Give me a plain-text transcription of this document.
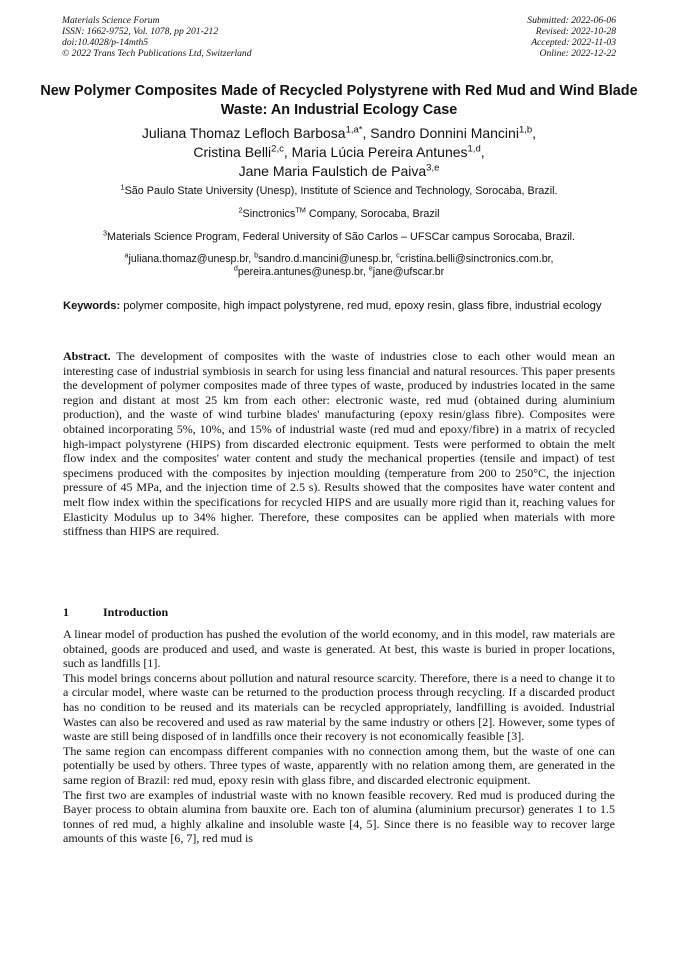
Materials Science Forum
ISSN: 1662-9752, Vol. 1078, pp 201-212
doi:10.4028/p-14mth5
© 2022 Trans Tech Publications Ltd, Switzerland
Submitted: 2022-06-06
Revised: 2022-10-28
Accepted: 2022-11-03
Online: 2022-12-22
New Polymer Composites Made of Recycled Polystyrene with Red Mud and Wind Blade Waste: An Industrial Ecology Case
Juliana Thomaz Lefloch Barbosa$^{1,a*}$, Sandro Donnini Mancini$^{1,b}$,
Cristina Belli$^{2,c}$, Maria Lúcia Pereira Antunes$^{1,d}$,
Jane Maria Faulstich de Paiva$^{3,e}$
$^1$São Paulo State University (Unesp), Institute of Science and Technology, Sorocaba, Brazil.
$^2$Sinctronics™ Company, Sorocaba, Brazil
$^3$Materials Science Program, Federal University of São Carlos – UFSCar campus Sorocaba, Brazil.
$^a$juliana.thomaz@unesp.br, $^b$sandro.d.mancini@unesp.br, $^c$cristina.belli@sinctronics.com.br,
$^d$pereira.antunes@unesp.br, $^e$jane@ufscar.br
Keywords: polymer composite, high impact polystyrene, red mud, epoxy resin, glass fibre, industrial ecology
Abstract. The development of composites with the waste of industries close to each other would mean an interesting case of industrial symbiosis in search for using less financial and natural resources. This paper presents the development of polymer composites made of three types of waste, produced by industries located in the same region and distant at most 25 km from each other: electronic waste, red mud (obtained during aluminium production), and the waste of wind turbine blades' manufacturing (epoxy resin/glass fibre). Composites were obtained incorporating 5%, 10%, and 15% of industrial waste (red mud and epoxy/fibre) in a matrix of recycled high-impact polystyrene (HIPS) from discarded electronic equipment. Tests were performed to obtain the melt flow index and the composites' water content and study the mechanical properties (tensile and impact) of test specimens produced with the composites by injection moulding (temperature from 200 to 250°C, the injection pressure of 45 MPa, and the injection time of 2.5 s). Results showed that the composites have water content and melt flow index within the specifications for recycled HIPS and are usually more rigid than it, reaching values for Elasticity Modulus up to 34% higher. Therefore, these composites can be applied when materials with more stiffness than HIPS are required.
1	Introduction

A linear model of production has pushed the evolution of the world economy, and in this model, raw materials are obtained, goods are produced and used, and waste is generated. At best, this waste is buried in proper locations, such as landfills [1].

This model brings concerns about pollution and natural resource scarcity. Therefore, there is a need to change it to a circular model, where waste can be returned to the production process through recycling. If a discarded product has no condition to be reused and its materials can be recycled appropriately, landfilling is avoided. Industrial Wastes can also be recovered and used as raw material by the same industry or others [2]. However, some types of waste are still being disposed of in landfills once their recovery is not economically feasible [3].

The same region can encompass different companies with no connection among them, but the waste of one can potentially be used by others. Three types of waste, apparently with no relation among them, are generated in the same region of Brazil: red mud, epoxy resin with glass fibre, and discarded electronic equipment.

The first two are examples of industrial waste with no known feasible recovery. Red mud is produced during the Bayer process to obtain alumina from bauxite ore. Each ton of alumina (aluminium precursor) generates 1 to 1.5 tonnes of red mud, a highly alkaline and insoluble waste [4, 5]. Since there is no feasible way to recover large amounts of this waste [6, 7], red mud is
